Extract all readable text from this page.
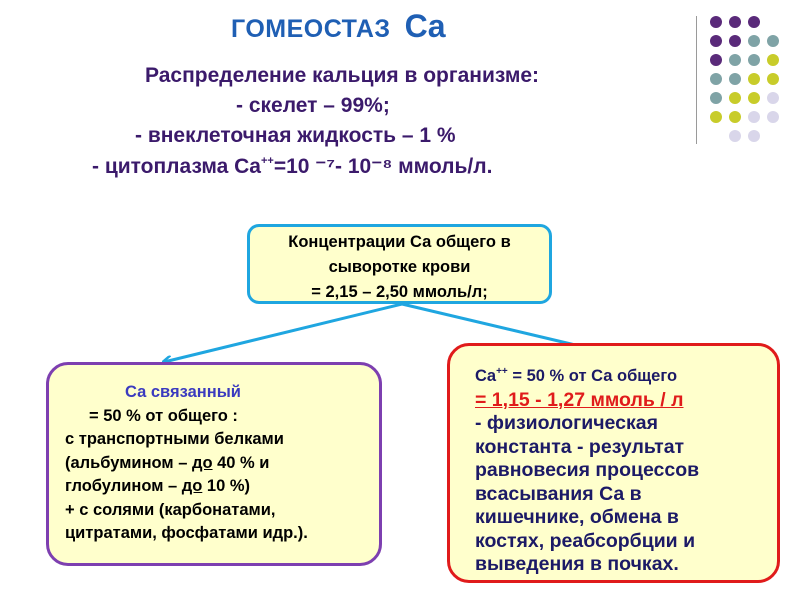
ГОМЕОСТАЗ Ca
Распределение кальция в организме:
- скелет – 99%;
- внеклеточная жидкость – 1 %
- цитоплазма Ca++=10 ⁻⁷- 10⁻⁸ ммоль/л.
Концентрации Са общего в
сыворотке крови
= 2,15 – 2,50 ммоль/л;
Са связанный
= 50 % от общего :
с транспортными белками
(альбумином – до 40 % и
глобулином – до 10 %)
+ с солями (карбонатами,
цитратами, фосфатами идр.).
Ca++ = 50 % от Са общего
= 1,15 - 1,27 ммоль / л
- физиологическая
константа - результат
равновесия процессов
всасывания Са в
кишечнике, обмена в
костях, реабсорбции и
выведения в почках.
